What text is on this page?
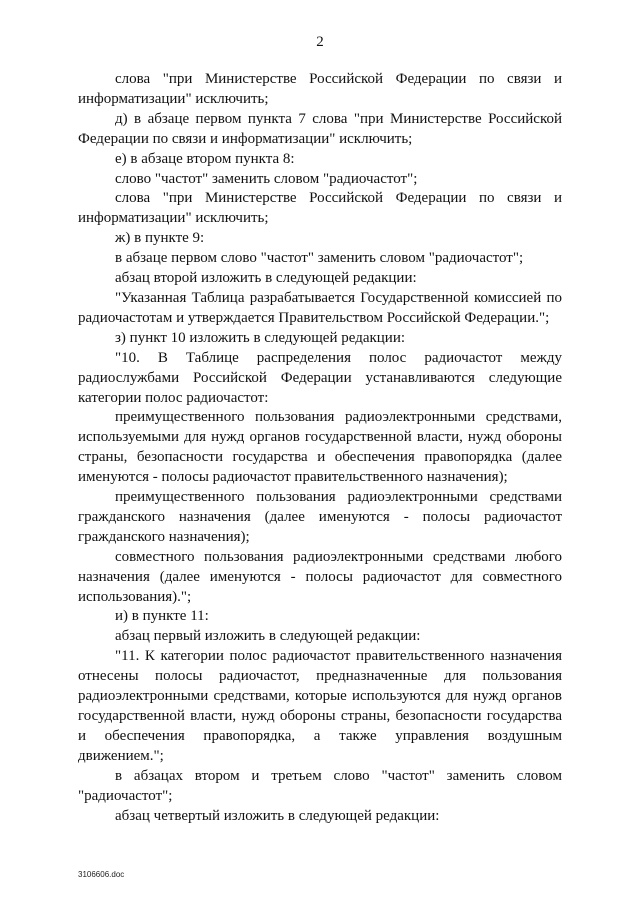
2

слова "при Министерстве Российской Федерации по связи и информатизации" исключить;

д) в абзаце первом пункта 7 слова "при Министерстве Российской Федерации по связи и информатизации" исключить;

е) в абзаце втором пункта 8:

слово "частот" заменить словом "радиочастот";

слова "при Министерстве Российской Федерации по связи и информатизации" исключить;

ж) в пункте 9:

в абзаце первом слово "частот" заменить словом "радиочастот";

абзац второй изложить в следующей редакции:

"Указанная Таблица разрабатывается Государственной комиссией по радиочастотам и утверждается Правительством Российской Федерации.";

з) пункт 10 изложить в следующей редакции:

"10. В Таблице распределения полос радиочастот между радиослужбами Российской Федерации устанавливаются следующие категории полос радиочастот:

преимущественного пользования радиоэлектронными средствами, используемыми для нужд органов государственной власти, нужд обороны страны, безопасности государства и обеспечения правопорядка (далее именуются - полосы радиочастот правительственного назначения);

преимущественного пользования радиоэлектронными средствами гражданского назначения (далее именуются - полосы радиочастот гражданского назначения);

совместного пользования радиоэлектронными средствами любого назначения (далее именуются - полосы радиочастот для совместного использования).";

и) в пункте 11:

абзац первый изложить в следующей редакции:

"11. К категории полос радиочастот правительственного назначения отнесены полосы радиочастот, предназначенные для пользования радиоэлектронными средствами, которые используются для нужд органов государственной власти, нужд обороны страны, безопасности государства и обеспечения правопорядка, а также управления воздушным движением.";

в абзацах втором и третьем слово "частот" заменить словом "радиочастот";

абзац четвертый изложить в следующей редакции:

3106606.doc
